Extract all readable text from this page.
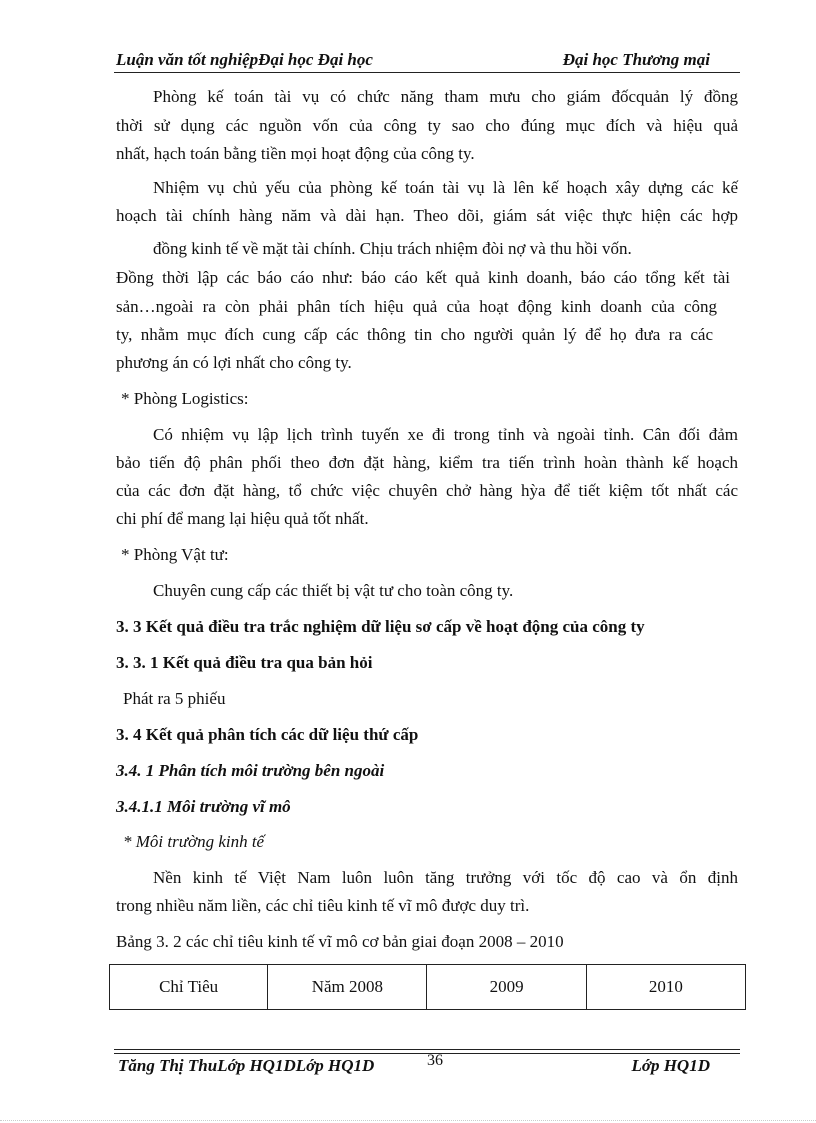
Luận văn tốt nghiệpĐại học Đại học	Đại học Thương mại
Phòng kế toán tài vụ có chức năng tham mưu cho giám đốcquản lý đồng
thời sử dụng các nguồn vốn của công ty sao cho đúng mục đích và hiệu quả
nhất, hạch toán bằng tiền mọi hoạt động của công ty.
Nhiệm vụ chủ yếu của phòng kế toán tài vụ là lên kế hoạch xây dựng các kế
hoạch tài chính hàng năm và dài hạn. Theo dõi, giám sát việc thực hiện các hợp
đồng kinh tế về mặt tài chính. Chịu trách nhiệm đòi nợ và thu hồi vốn.
Đồng thời lập các báo cáo như: báo cáo kết quả kinh doanh, báo cáo tổng kết tài
sản…ngoài ra còn phải phân tích hiệu quả của hoạt động kinh doanh của công
ty, nhằm mục đích cung cấp các thông tin cho người quản lý để họ đưa ra các
phương án có lợi nhất cho công ty.
* Phòng Logistics:
Có nhiệm vụ lập lịch trình tuyến xe đi trong tỉnh và ngoài tỉnh. Cân đối đảm
bảo tiến độ phân phối theo đơn đặt hàng, kiểm tra tiến trình hoàn thành kế hoạch
của các đơn đặt hàng, tổ chức việc chuyên chở hàng hỳa để tiết kiệm tốt nhất các
chi phí để mang lại hiệu quả tốt nhất.
* Phòng Vật tư:
Chuyên cung cấp các thiết bị vật tư cho toàn công ty.
3. 3 Kết quả điều tra trắc nghiệm dữ liệu sơ cấp về hoạt động của công ty
3. 3. 1 Kết quả điều tra qua bản hỏi
Phát ra 5 phiếu
3. 4 Kết quả phân tích các dữ liệu thứ cấp
3.4. 1 Phân tích môi trường bên ngoài
3.4.1.1 Môi trường vĩ mô
* Môi trường kinh tế
Nền kinh tế Việt Nam luôn luôn tăng trưởng với tốc độ cao và ổn định
trong nhiều năm liền, các chỉ tiêu kinh tế vĩ mô được duy trì.
Bảng 3. 2 các chỉ tiêu kinh tế vĩ mô cơ bản giai đoạn 2008 – 2010
Chỉ Tiêu	Năm 2008	2009	2010
Tăng Thị ThuLớp HQ1DLớp HQ1D	36	Lớp HQ1D
